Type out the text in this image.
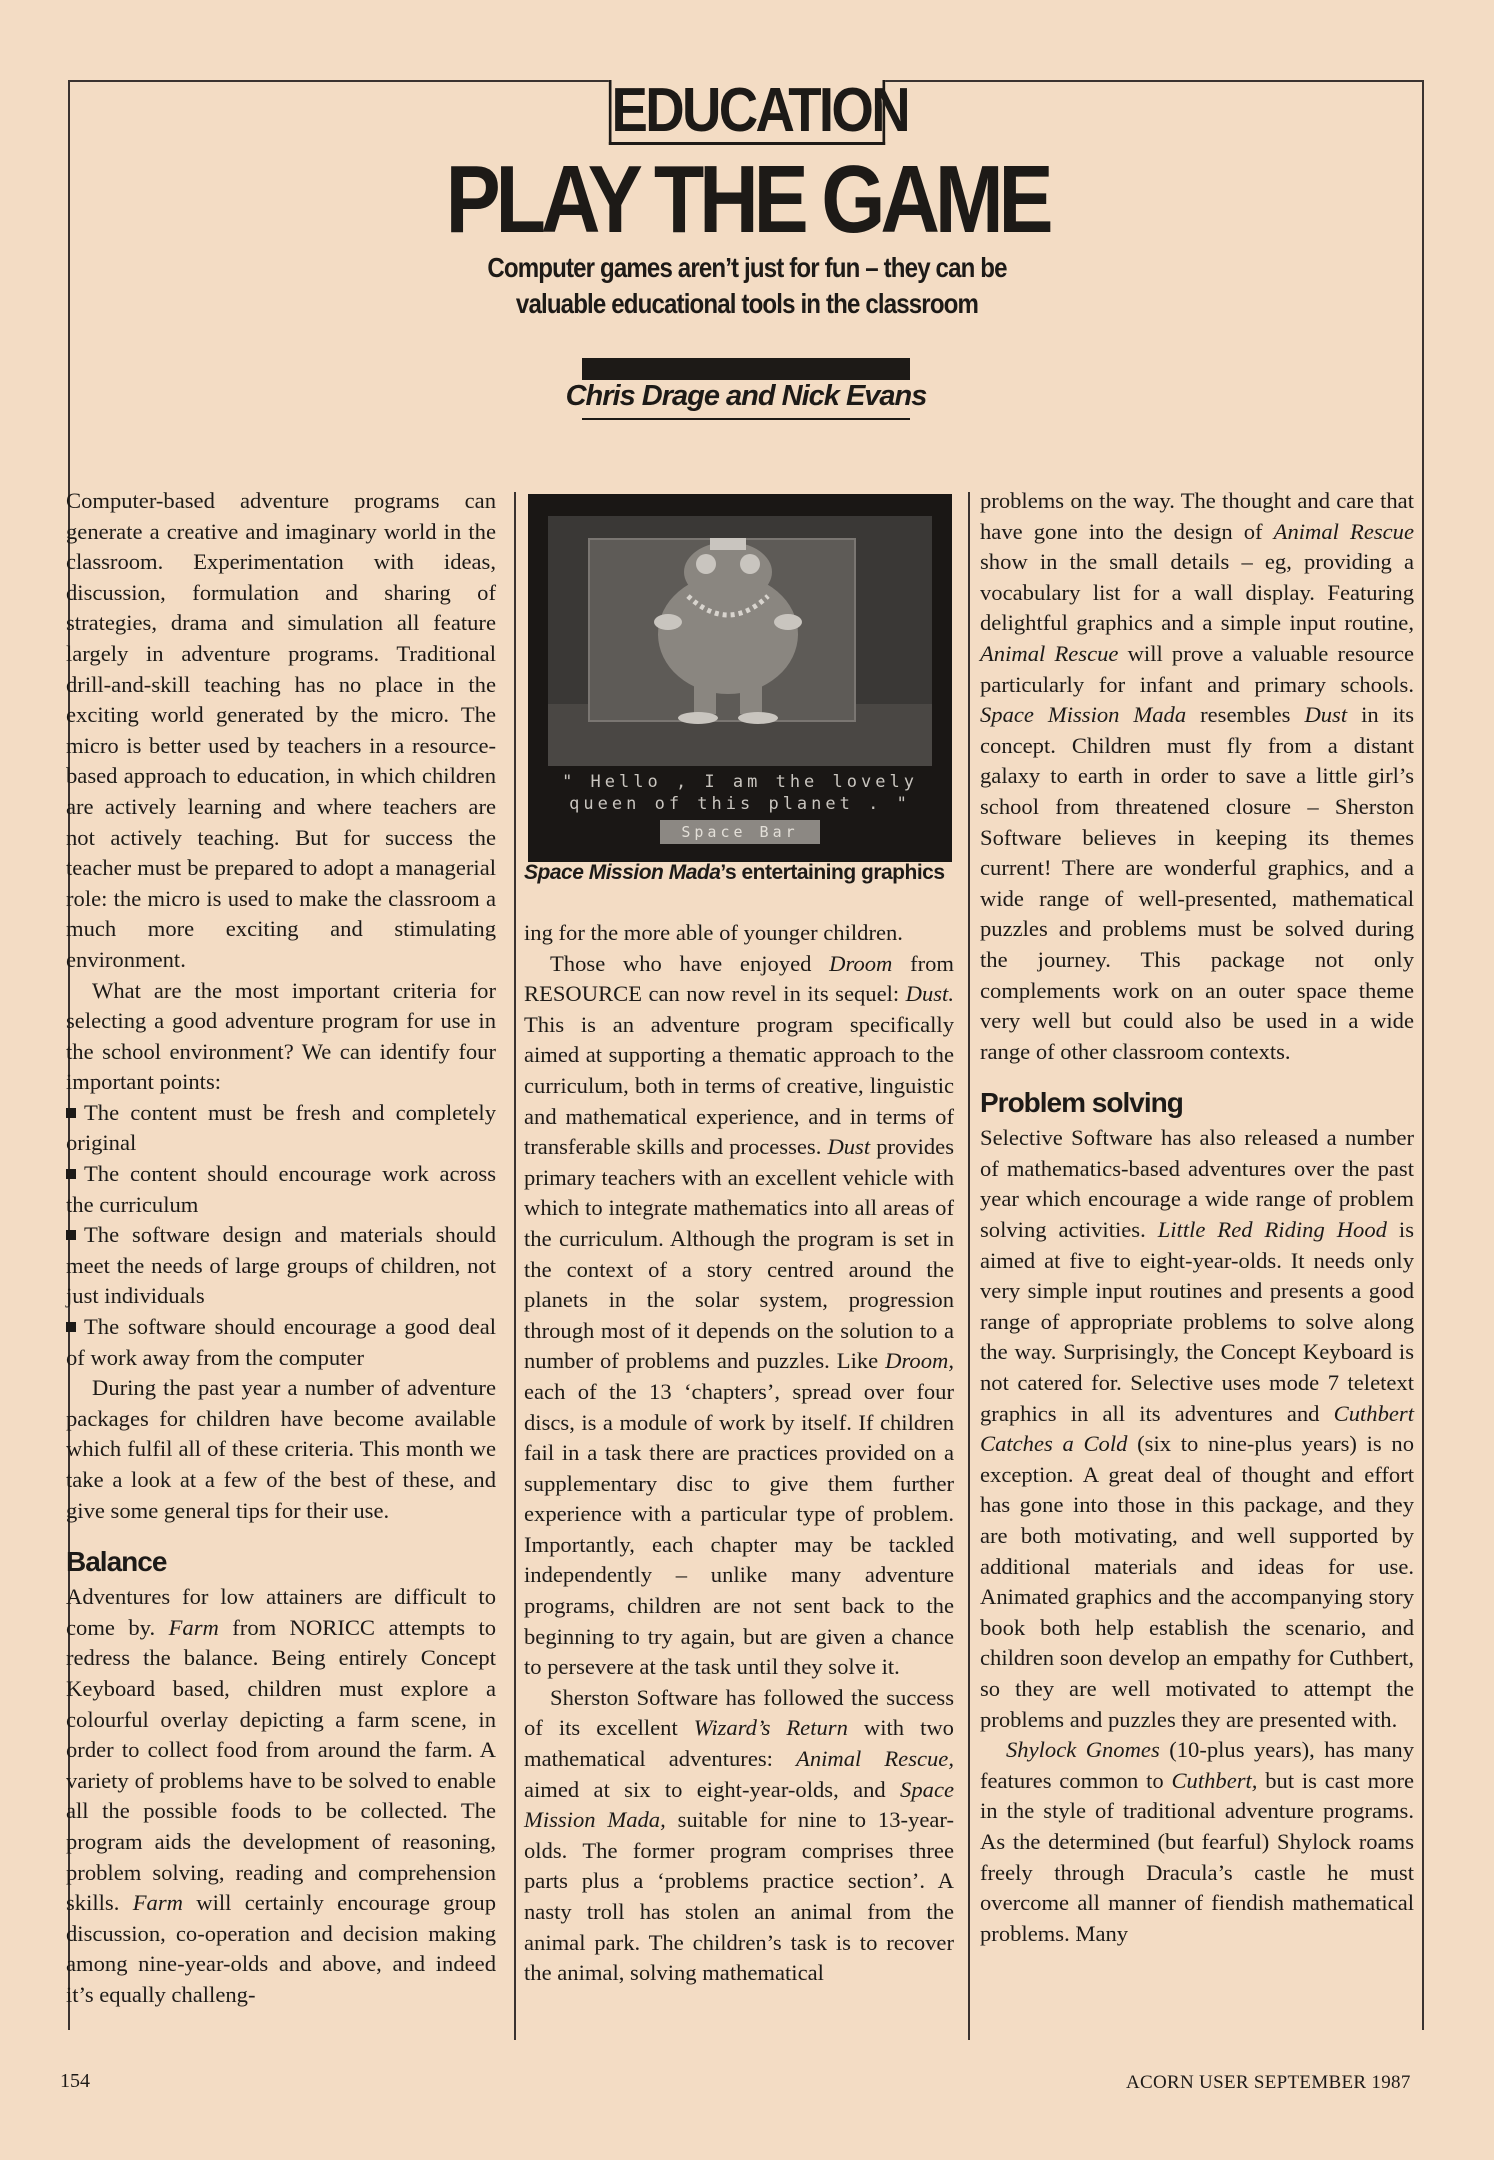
EDUCATION
PLAY THE GAME
Computer games aren’t just for fun – they can be
valuable educational tools in the classroom
Chris Drage and Nick Evans

Computer-based adventure programs can generate a creative and imaginary world in the classroom. Experimentation with ideas, discussion, formulation and sharing of strategies, drama and simulation all feature largely in adventure programs. Traditional drill-and-skill teaching has no place in the exciting world generated by the micro. The micro is better used by teachers in a resource-based approach to education, in which children are actively learning and where teachers are not actively teaching. But for success the teacher must be prepared to adopt a managerial role: the micro is used to make the classroom a much more exciting and stimulating environment.

What are the most important criteria for selecting a good adventure program for use in the school environment? We can identify four important points:

The content must be fresh and completely original

The content should encourage work across the curriculum

The software design and materials should meet the needs of large groups of children, not just individuals

The software should encourage a good deal of work away from the computer

During the past year a number of adventure packages for children have become available which fulfil all of these criteria. This month we take a look at a few of the best of these, and give some general tips for their use.

Balance

Adventures for low attainers are difficult to come by. Farm from NORICC attempts to redress the balance. Being entirely Concept Keyboard based, children must explore a colourful overlay depicting a farm scene, in order to collect food from around the farm. A variety of problems have to be solved to enable all the possible foods to be collected. The program aids the development of reasoning, problem solving, reading and comprehension skills. Farm will certainly encourage group discussion, co-operation and decision making among nine-year-olds and above, and indeed it’s equally challeng-

" Hello , I am the lovely
queen of this planet . "
Space Bar
Space Mission Mada’s entertaining graphics

ing for the more able of younger children.

Those who have enjoyed Droom from RESOURCE can now revel in its sequel: Dust. This is an adventure program specifically aimed at supporting a thematic approach to the curriculum, both in terms of creative, linguistic and mathematical experience, and in terms of transferable skills and processes. Dust provides primary teachers with an excellent vehicle with which to integrate mathematics into all areas of the curriculum. Although the program is set in the context of a story centred around the planets in the solar system, progression through most of it depends on the solution to a number of problems and puzzles. Like Droom, each of the 13 ‘chapters’, spread over four discs, is a module of work by itself. If children fail in a task there are practices provided on a supplementary disc to give them further experience with a particular type of problem. Importantly, each chapter may be tackled independently – unlike many adventure programs, children are not sent back to the beginning to try again, but are given a chance to persevere at the task until they solve it.

Sherston Software has followed the success of its excellent Wizard’s Return with two mathematical adventures: Animal Rescue, aimed at six to eight-year-olds, and Space Mission Mada, suitable for nine to 13-year-olds. The former program comprises three parts plus a ‘problems practice section’. A nasty troll has stolen an animal from the animal park. The children’s task is to recover the animal, solving mathematical

problems on the way. The thought and care that have gone into the design of Animal Rescue show in the small details – eg, providing a vocabulary list for a wall display. Featuring delightful graphics and a simple input routine, Animal Rescue will prove a valuable resource particularly for infant and primary schools. Space Mission Mada resembles Dust in its concept. Children must fly from a distant galaxy to earth in order to save a little girl’s school from threatened closure – Sherston Software believes in keeping its themes current! There are wonderful graphics, and a wide range of well-presented, mathematical puzzles and problems must be solved during the journey. This package not only complements work on an outer space theme very well but could also be used in a wide range of other classroom contexts.

Problem solving

Selective Software has also released a number of mathematics-based adventures over the past year which encourage a wide range of problem solving activities. Little Red Riding Hood is aimed at five to eight-year-olds. It needs only very simple input routines and presents a good range of appropriate problems to solve along the way. Surprisingly, the Concept Keyboard is not catered for. Selective uses mode 7 teletext graphics in all its adventures and Cuthbert Catches a Cold (six to nine-plus years) is no exception. A great deal of thought and effort has gone into those in this package, and they are both motivating, and well supported by additional materials and ideas for use. Animated graphics and the accompanying story book both help establish the scenario, and children soon develop an empathy for Cuthbert, so they are well motivated to attempt the problems and puzzles they are presented with.

Shylock Gnomes (10-plus years), has many features common to Cuthbert, but is cast more in the style of traditional adventure programs. As the determined (but fearful) Shylock roams freely through Dracula’s castle he must overcome all manner of fiendish mathematical problems. Many

154	ACORN USER SEPTEMBER 1987
